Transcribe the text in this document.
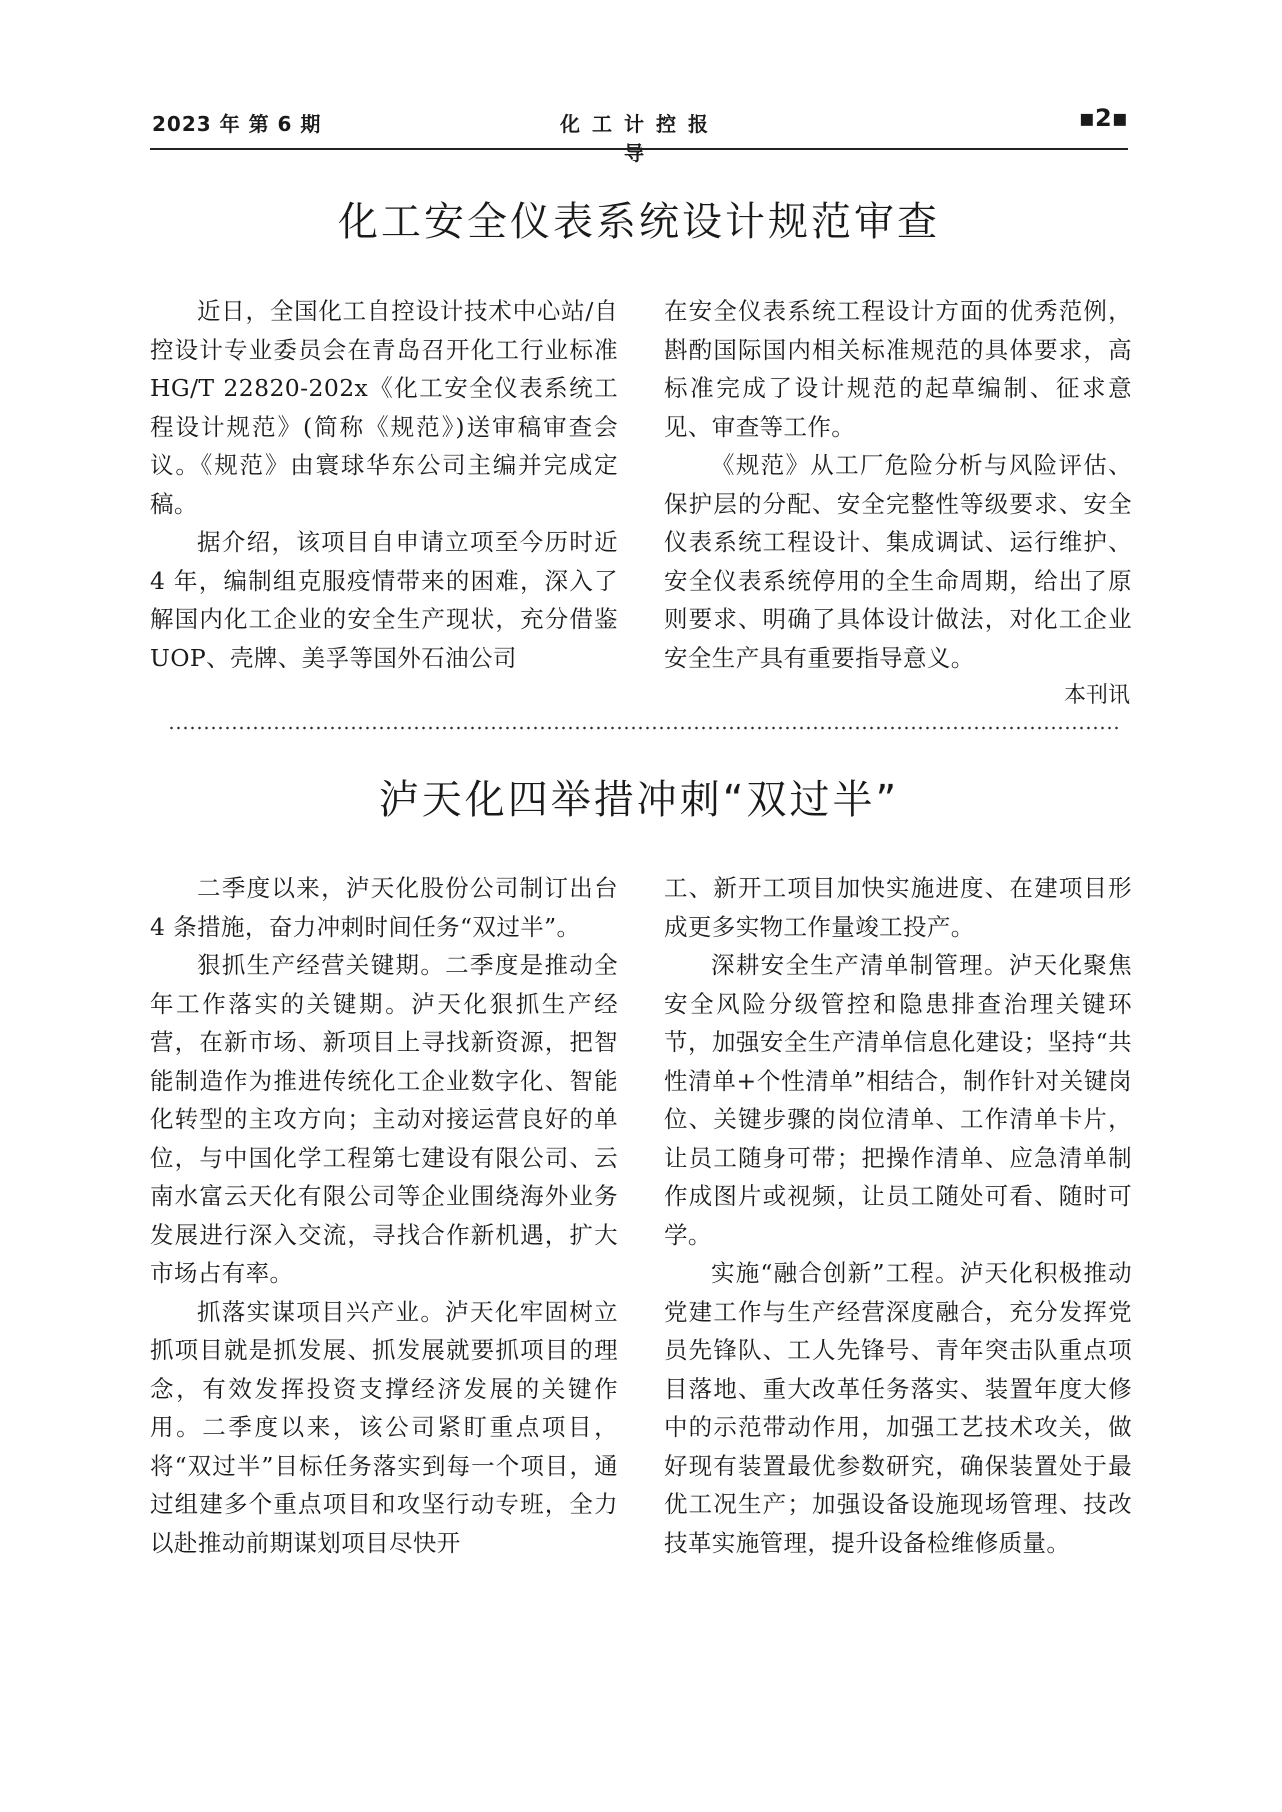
2023 年 第 6 期	化工计控报导
▪2▪
化工安全仪表系统设计规范审查

近日，全国化工自控设计技术中心站/自控设计专业委员会在青岛召开化工行业标准 HG/T 22820-202x《化工安全仪表系统工程设计规范》(简称《规范》)送审稿审查会议。《规范》由寰球华东公司主编并完成定稿。

据介绍，该项目自申请立项至今历时近 4 年，编制组克服疫情带来的困难，深入了解国内化工企业的安全生产现状，充分借鉴 UOP、壳牌、美孚等国外石油公司

在安全仪表系统工程设计方面的优秀范例，斟酌国际国内相关标准规范的具体要求，高标准完成了设计规范的起草编制、征求意见、审查等工作。

《规范》从工厂危险分析与风险评估、保护层的分配、安全完整性等级要求、安全仪表系统工程设计、集成调试、运行维护、安全仪表系统停用的全生命周期，给出了原则要求、明确了具体设计做法，对化工企业安全生产具有重要指导意义。

本刊讯
泸天化四举措冲刺“双过半”

二季度以来，泸天化股份公司制订出台 4 条措施，奋力冲刺时间任务“双过半”。

狠抓生产经营关键期。二季度是推动全年工作落实的关键期。泸天化狠抓生产经营，在新市场、新项目上寻找新资源，把智能制造作为推进传统化工企业数字化、智能化转型的主攻方向；主动对接运营良好的单位，与中国化学工程第七建设有限公司、云南水富云天化有限公司等企业围绕海外业务发展进行深入交流，寻找合作新机遇，扩大市场占有率。

抓落实谋项目兴产业。泸天化牢固树立抓项目就是抓发展、抓发展就要抓项目的理念，有效发挥投资支撑经济发展的关键作用。二季度以来，该公司紧盯重点项目，将“双过半”目标任务落实到每一个项目，通过组建多个重点项目和攻坚行动专班，全力以赴推动前期谋划项目尽快开

工、新开工项目加快实施进度、在建项目形成更多实物工作量竣工投产。

深耕安全生产清单制管理。泸天化聚焦安全风险分级管控和隐患排查治理关键环节，加强安全生产清单信息化建设；坚持“共性清单+个性清单”相结合，制作针对关键岗位、关键步骤的岗位清单、工作清单卡片，让员工随身可带；把操作清单、应急清单制作成图片或视频，让员工随处可看、随时可学。

实施“融合创新”工程。泸天化积极推动党建工作与生产经营深度融合，充分发挥党员先锋队、工人先锋号、青年突击队重点项目落地、重大改革任务落实、装置年度大修中的示范带动作用，加强工艺技术攻关，做好现有装置最优参数研究，确保装置处于最优工况生产；加强设备设施现场管理、技改技革实施管理，提升设备检维修质量。
